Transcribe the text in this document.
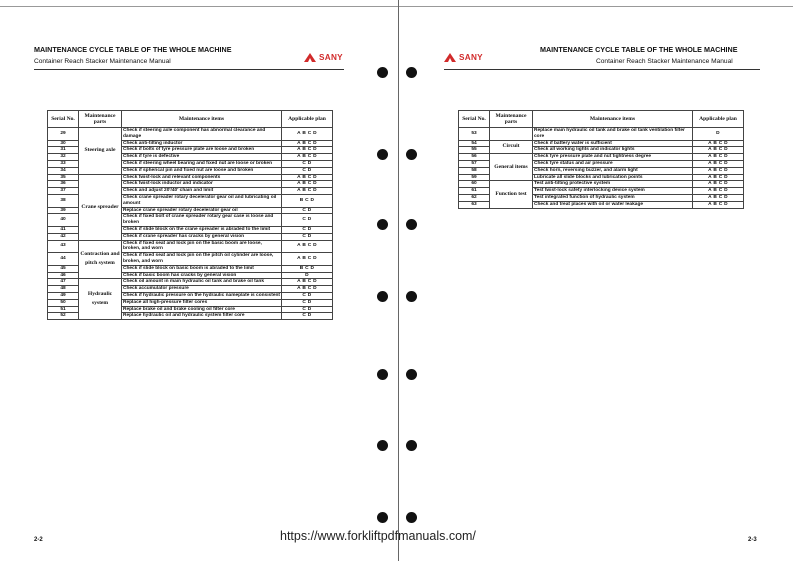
MAINTENANCE CYCLE TABLE OF THE WHOLE MACHINE
Container Reach Stacker Maintenance Manual	SANY
Serial No.	Maintenance parts	Maintenance items	Applicable plan
29	Steering axle	Check if steering axle component has abnormal clearance and damage	A B C D
30		Check anti-tilting inductor	A B C D
31		Check if bolts of tyre pressure plate are loose and broken	A B C D
32		Check if tyre is defective	A B C D
33		Check if steering wheel bearing and fixed nut are loose or broken	C D
34		Check if spherical pin and fixed nut are loose and broken	C D
35	Crane spreader	Check twist-lock and relevant components	A B C D
36		Check twist-lock inductor and indicator	A B C D
37		Check and adjust 20'/40' chain and limit	A B C D
38		Check crane spreader rotary decelerator gear oil and lubricating oil amount	B C D
39		Replace crane spreader rotary decelerator gear oil	C D
40		Check if fixed bolt of crane spreader rotary gear case is loose and broken	C D
41		Check if slide block on the crane spreader is abraded to the limit	C D
42		Check if crane spreader has cracks by general vision	C D
43	Contraction and pitch system	Check if fixed seat and lock pin on the basic boom are loose, broken, and worn	A B C D
44		Check if fixed seat and lock pin on the pitch oil cylinder are loose, broken, and worn	A B C D
45		Check if slide block on basic boom is abraded to the limit	B C D
46		Check if basic boom has cracks by general vision	D
47	Hydraulic system	Check oil amount in main hydraulic oil tank and brake oil tank	A B C D
48		Check accumulator pressure	A B C D
49		Check if hydraulic pressure on the hydraulic nameplate is consistent	C D
50		Replace all high-pressure filter cores	C D
51		Replace brake oil and brake cooling oil filter core	C D
52		Replace hydraulic oil and hydraulic system filter core	C D
2-2
MAINTENANCE CYCLE TABLE OF THE WHOLE MACHINE
Container Reach Stacker Maintenance Manual
SANY
Serial No.	Maintenance parts	Maintenance items	Applicable plan
53		Replace main hydraulic oil tank and brake oil tank ventilation filter core	D
54	Circuit	Check if battery water is sufficient	A B C D
55		Check all working lights and indicator lights	A B C D
56	General items	Check tyre pressure plate and nut tightness degree	A B C D
57		Check tyre status and air pressure	A B C D
58		Check horn, reversing buzzer, and alarm light	A B C D
59		Lubricate all slide blocks and lubrication points	A B C D
60	Function test	Test anti-tilting protective system	A B C D
61		Test twist-lock safety interlocking device system	A B C D
62		Test integrated function of hydraulic system	A B C D
63		Check and treat places with oil or water leakage	A B C D
2-3
https://www.forkliftpdfmanuals.com/
